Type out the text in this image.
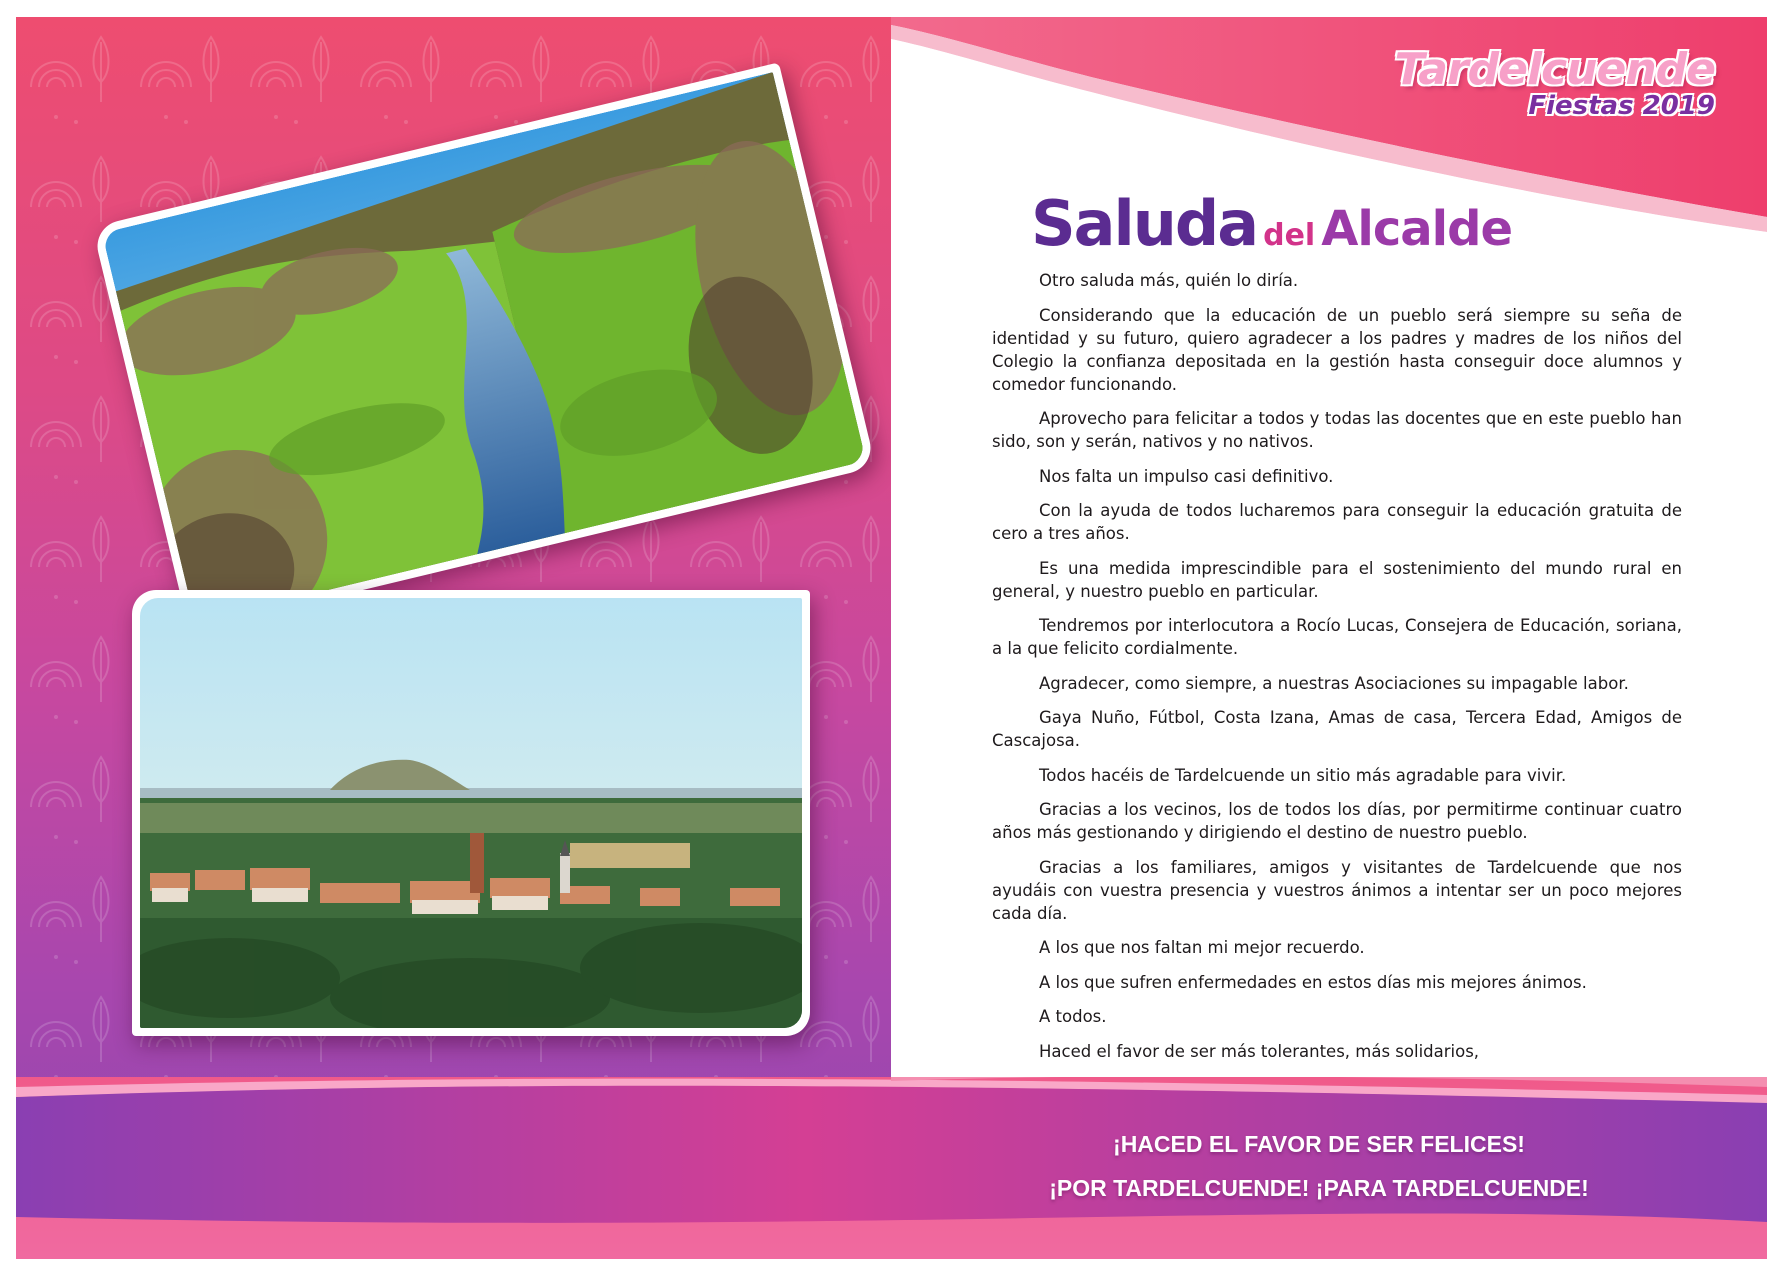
Tardelcuende
Fiestas 2019
Saluda del Alcalde

Otro saluda más, quién lo diría.

Considerando que la educación de un pueblo será siempre su seña de identidad y su futuro, quiero agradecer a los padres y madres de los niños del Colegio la confianza depositada en la gestión hasta conseguir doce alumnos y comedor funcionando.

Aprovecho para felicitar a todos y todas las docentes que en este pueblo han sido, son y serán, nativos y no nativos.

Nos falta un impulso casi definitivo.

Con la ayuda de todos lucharemos para conseguir la educación gratuita de cero a tres años.

Es una medida imprescindible para el sostenimiento del mundo rural en general, y nuestro pueblo en particular.

Tendremos por interlocutora a Rocío Lucas, Consejera de Educación, soriana, a la que felicito cordialmente.

Agradecer, como siempre, a nuestras Asociaciones su impagable labor.

Gaya Nuño, Fútbol, Costa Izana, Amas de casa, Tercera Edad, Amigos de Cascajosa.

Todos hacéis de Tardelcuende un sitio más agradable para vivir.

Gracias a los vecinos, los de todos los días, por permitirme continuar cuatro años más gestionando y dirigiendo el destino de nuestro pueblo.

Gracias a los familiares, amigos y visitantes de Tardelcuende que nos ayudáis con vuestra presencia y vuestros ánimos a intentar ser un poco mejores cada día.

A los que nos faltan mi mejor recuerdo.

A los que sufren enfermedades en estos días mis mejores ánimos.

A todos.

Haced el favor de ser más tolerantes, más solidarios,

¡HACED EL FAVOR DE SER FELICES!
¡POR TARDELCUENDE! ¡PARA TARDELCUENDE!
